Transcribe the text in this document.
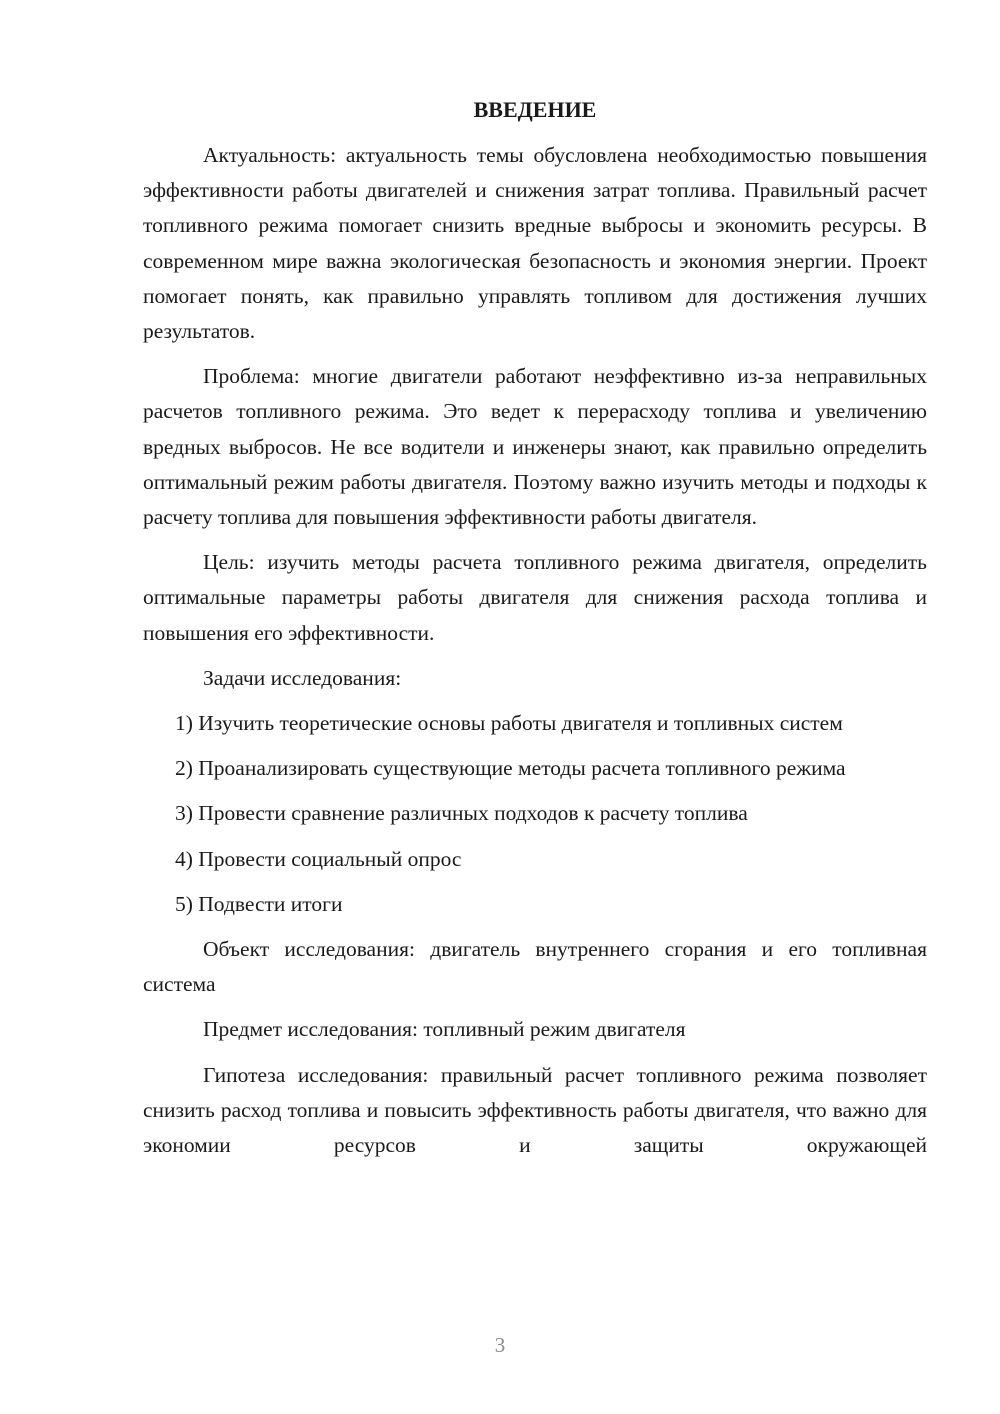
ВВЕДЕНИЕ

Актуальность: актуальность темы обусловлена необходимостью повышения эффективности работы двигателей и снижения затрат топлива. Правильный расчет топливного режима помогает снизить вредные выбросы и экономить ресурсы. В современном мире важна экологическая безопасность и экономия энергии. Проект помогает понять, как правильно управлять топливом для достижения лучших результатов.

Проблема: многие двигатели работают неэффективно из-за неправильных расчетов топливного режима. Это ведет к перерасходу топлива и увеличению вредных выбросов. Не все водители и инженеры знают, как правильно определить оптимальный режим работы двигателя. Поэтому важно изучить методы и подходы к расчету топлива для повышения эффективности работы двигателя.

Цель: изучить методы расчета топливного режима двигателя, определить оптимальные параметры работы двигателя для снижения расхода топлива и повышения его эффективности.

Задачи исследования:

1) Изучить теоретические основы работы двигателя и топливных систем

2) Проанализировать существующие методы расчета топливного режима

3) Провести сравнение различных подходов к расчету топлива

4) Провести социальный опрос

5) Подвести итоги

Объект исследования: двигатель внутреннего сгорания и его топливная система

Предмет исследования: топливный режим двигателя

Гипотеза исследования: правильный расчет топливного режима позволяет снизить расход топлива и повысить эффективность работы двигателя, что важно для экономии ресурсов и защиты окружающей

3
